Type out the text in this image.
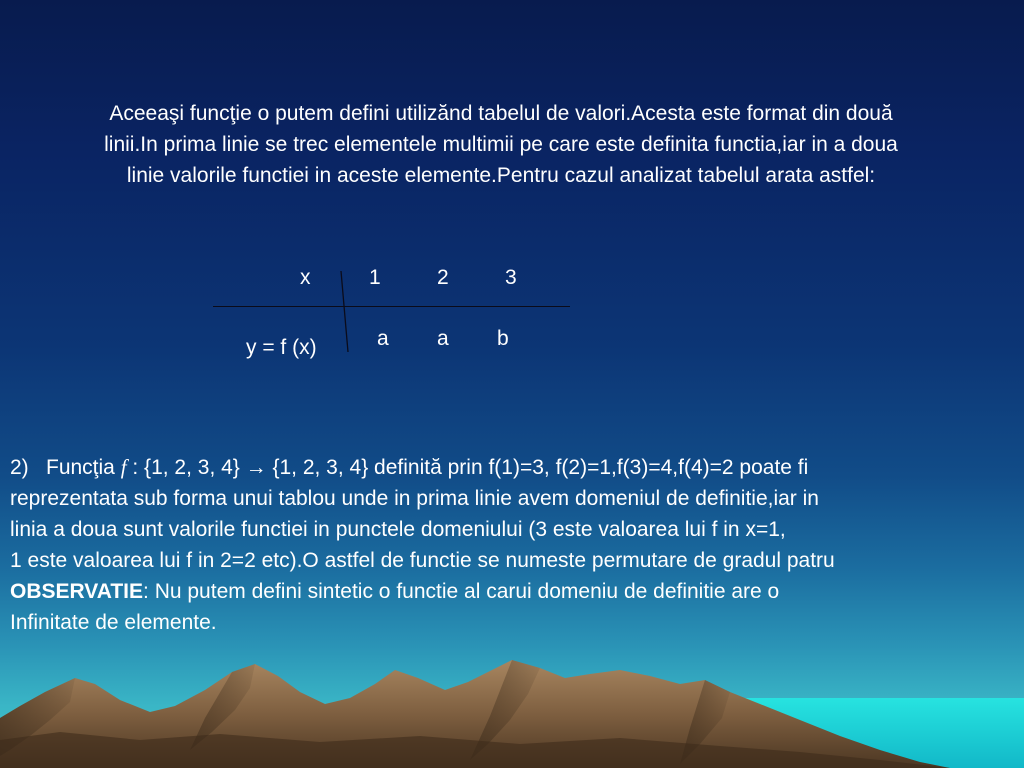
Aceeaşi funcţie o putem defini utilizănd tabelul de valori.Acesta este format din două
linii.In prima linie se trec elementele multimii pe care este definita functia,iar in a doua
linie valorile functiei in aceste elemente.Pentru cazul analizat tabelul arata astfel:
x	1	2	3
y = f (x)	a a b
2) Funcţia f : {1, 2, 3, 4} → {1, 2, 3, 4} definită prin f(1)=3, f(2)=1,f(3)=4,f(4)=2 poate fi
reprezentata sub forma unui tablou unde in prima linie avem domeniul de definitie,iar in
linia a doua sunt valorile functiei in punctele domeniului (3 este valoarea lui f in x=1,
1 este valoarea lui f in 2=2 etc).O astfel de functie se numeste permutare de gradul patru
OBSERVATIE: Nu putem defini sintetic o functie al carui domeniu de definitie are o
Infinitate de elemente.
